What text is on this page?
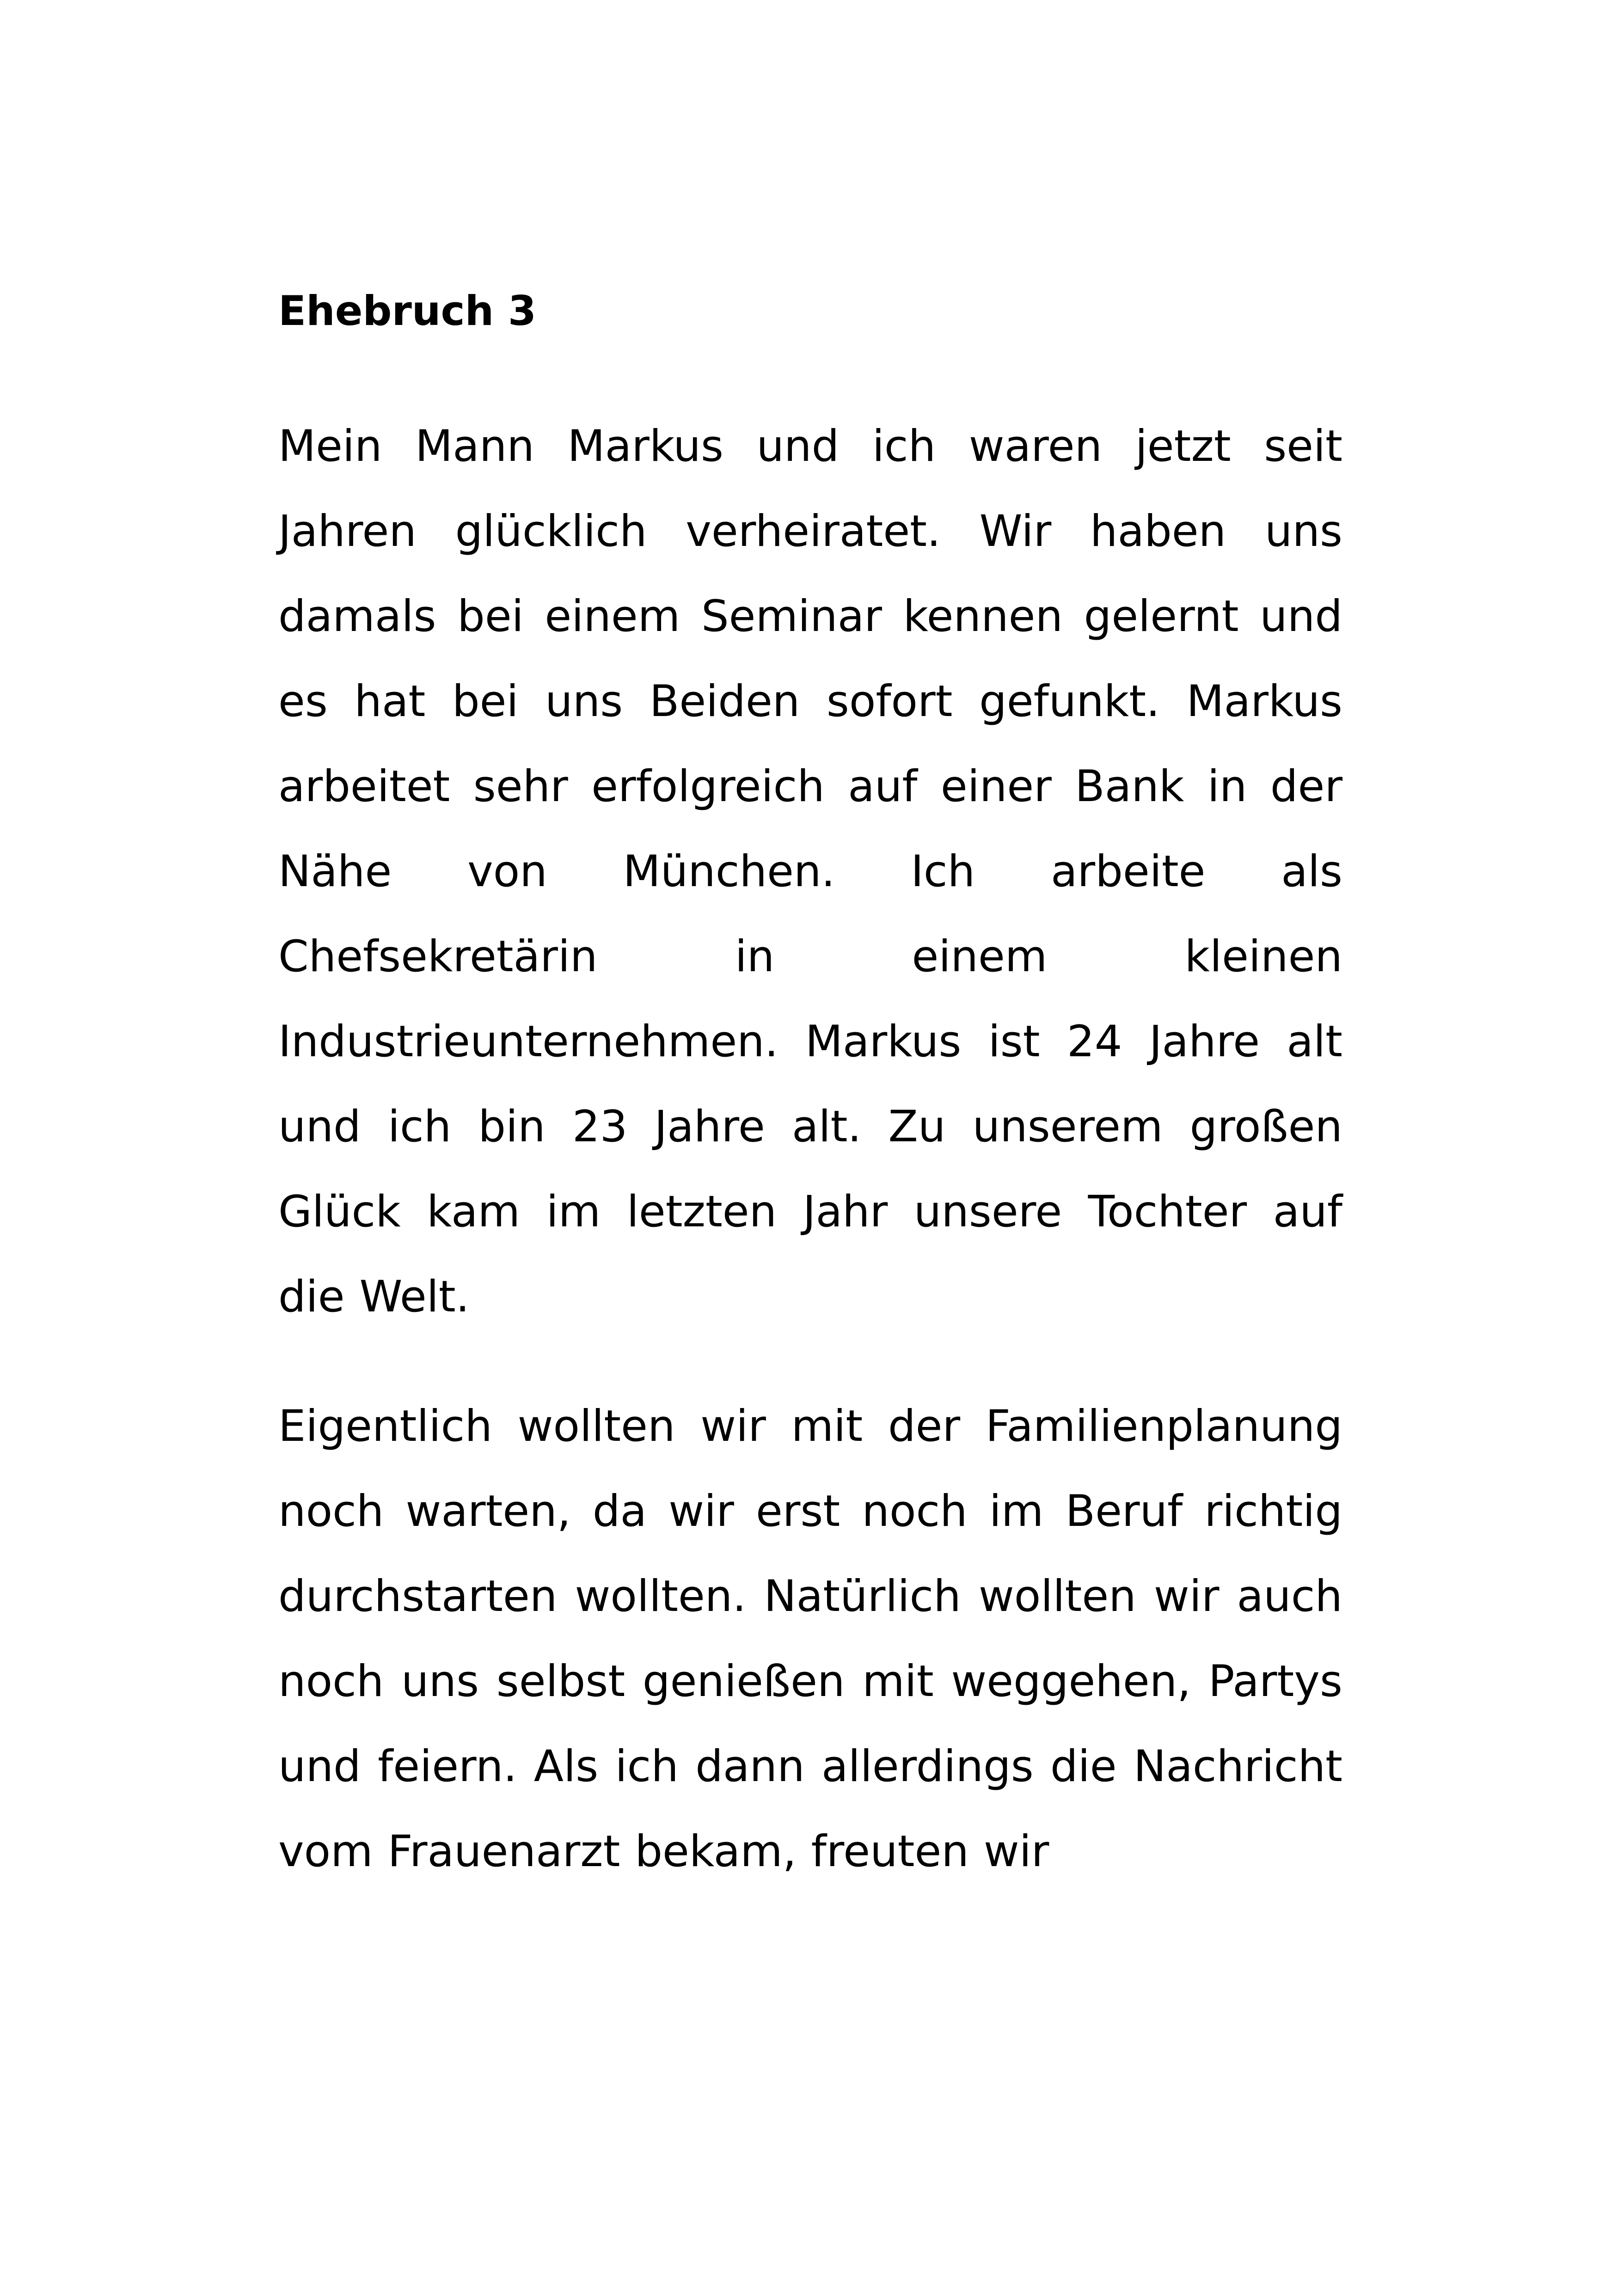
Ehebruch 3

Mein Mann Markus und ich waren jetzt seit Jahren glücklich verheiratet. Wir haben uns damals bei einem Seminar kennen gelernt und es hat bei uns Beiden sofort gefunkt. Markus arbeitet sehr erfolgreich auf einer Bank in der Nähe von München. Ich arbeite als Chefsekretärin in einem kleinen Industrieunternehmen. Markus ist 24 Jahre alt und ich bin 23 Jahre alt. Zu unserem großen Glück kam im letzten Jahr unsere Tochter auf die Welt.

Eigentlich wollten wir mit der Familienplanung noch warten, da wir erst noch im Beruf richtig durchstarten wollten. Natürlich wollten wir auch noch uns selbst genießen mit weggehen, Partys und feiern. Als ich dann allerdings die Nachricht vom Frauenarzt bekam, freuten wir
